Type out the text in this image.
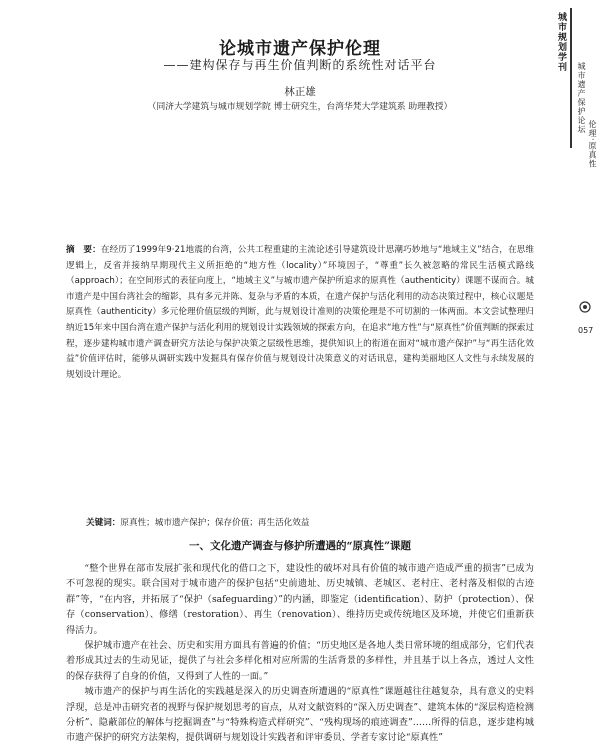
论城市遗产保护伦理
——建构保存与再生价值判断的系统性对话平台
林正雄
（同济大学建筑与城市规划学院 博士研究生，台湾华梵大学建筑系 助理教授）
摘　要：在经历了1999年9·21地震的台湾，公共工程重建的主流论述引导建筑设计思潮巧妙地与“地域主义”结合，在思维逻辑上，反省并接纳早期现代主义所拒绝的“地方性（locality）”环境因子，“尊重”长久被忽略的常民生活模式路线（approach）；在空间形式的表征向度上，“地域主义”与城市遗产保护所追求的原真性（authenticity）课题不谋而合。城市遗产是中国台湾社会的缩影，具有多元并陈、复杂与矛盾的本质，在遗产保护与活化利用的动态决策过程中，核心议题是原真性（authenticity）多元伦理价值层级的判断，此与规划设计准则的决策伦理是不可切割的一体两面。本文尝试整理归纳近15年来中国台湾在遗产保护与活化利用的规划设计实践领域的探索方向，在追求“地方性”与“原真性”价值判断的探索过程，逐步建构城市遗产调查研究方法论与保护决策之层级性思维，提供知识上的衔道在面对“城市遗产保护”与“再生活化效益”价值评估时，能够从调研实践中发掘具有保存价值与规划设计决策意义的对话讯息，建构美丽地区人文性与永续发展的规划设计理论。
关键词：原真性；城市遗产保护；保存价值；再生活化效益
一、文化遗产调查与修护所遭遇的“原真性”课题

“整个世界在部市发展扩张和现代化的借口之下，建设性的破坏对具有价值的城市遗产造成严重的损害”已成为不可忽视的现实。联合国对于城市遗产的保护包括“史前遗址、历史城镇、老城区、老村庄、老村落及相似的古迹群”等，“在内容，并拓展了“保护（safeguarding）”的内涵，即鉴定（identification）、防护（protection）、保存（conservation）、修缮（restoration）、再生（renovation）、维持历史或传统地区及环境，并使它们重新获得活力。

保护城市遗产在社会、历史和实用方面具有普遍的价值；“历史地区是各地人类日常环境的组成部分，它们代表着形成其过去的生动见证，提供了与社会多样化相对应所需的生活背景的多样性，并且基于以上各点，透过人文性的保存获得了自身的价值，又得到了人性的一面。”

城市遗产的保护与再生活化的实践越是深入的历史调查所遭遇的“原真性”课题越往往越复杂，具有意义的史料浮现，总是冲击研究者的视野与保护规划思考的盲点，从对文献资料的“深入历史调查”、建筑本体的“深层构造检测分析”、隐蔽部位的解体与挖掘调查”与“特殊构造式样研究”、“残构现场的痕迹调查”……所得的信息，逐步建构城市遗产保护的研究方法架构，提供调研与规划设计实践者和评审委员、学者专家讨论“原真性”

城市规划学刊
城市遗产保护论坛
伦理·原真性
057
